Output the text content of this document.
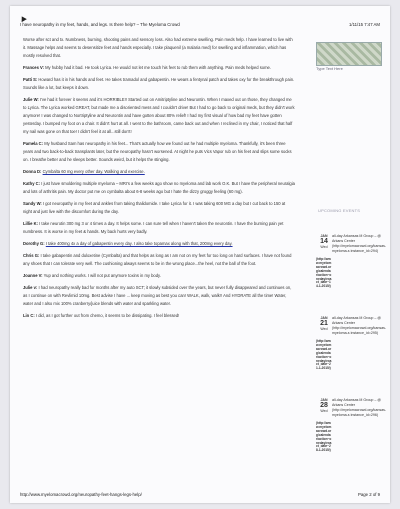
I have neuropathy in my feet, hands, and legs. Is there help? – The Myeloma Crowd	1/11/15 7:47 AM
Type Text Here

Worse after sct and tx. Numbness, burning, shooting pains and sensory loss. Also had extreme swelling. Pain meds help. I have learned to live with it. Massage helps and seems to desensitize feet and hands especially. I take plaquenil (a malaria med) for swelling and inflammation, which has mostly resolved that.

Frances V: My hubby had it bad. He took Lyrica. He would not let me touch his feet to rub them with anything. Pain meds helped some.

Patti S: Howard has it in his hands and feet. He takes tramadol and gabapentin. He wears a fentynal patch and takes oxy for the breakthrough pain. Sounds like a lot, but keeps it down.

Julie W: I've had it forever it seems and it's HORRIBLE!! Started out on Amitriptyline and Neurontin. When I maxed out on those, they changed me to Lyrica. The Lyrica worked GREAT, but made me a disoriented mess and I couldn't drive! But I had to go back to original meds, but they didn't work anymore! I was changed to Nortriptyline and Neurontin and have gotten about 80% relief! I had my first visual of how bad my feet have gotten yesterday. I bumped my foot on a chair. It didn't hurt at all. I went to the bathroom, came back out and when I reclined in my chair, I noticed that half my nail was gone on that toe! I didn't feel it at all...still don't!

Pamela C: My husband Sam has neuropathy in his feet... That's actually how we found out he had multiple myeloma. Thankfully, it's been three years and two back-to-back transplants later, but the neuropathy hasn't worsened. At night he puts Vics Vapor rub on his feet and slips some socks on. I breathe better and he sleeps better. Sounds weird, but it helps the stinging.

Donna D: Cymbalta 60 mg every other day. Walking and exercise.

Kathy C: I just have smoldering multiple myeloma – MRI's a few weeks ago show no myeloma and lab work O.K. But I have the peripheral neuralgia and lots of arthritis pain. My doctor put me on cymbalta about 6-8 weeks ago but I hate the dizzy groggy feeling (60 mg).

Sandy W: I got neuropathy in my feet and ankles from taking thalidomide. I take Lyrica for it. I was taking 600 MG a day but I cut back to 150 at night and just live with the discomfort during the day.

Lillie K: I take neurotin 300 mg 3 or 4 times a day. It helps some. I can sure tell when I haven't taken the neurontin. I have the burning pain yet numbness. It is worse in my feet & hands. My back hurts very badly.

Dorothy G: I take 400mg 4x a day of gabapentin every day. I also take topamax along with that, 200mg every day.

Chris G: I take gabapentin and duloxetine (Cymbalta) and that helps as long as I am not on my feet for too long on hard surfaces. I have not found any shoes that I can tolerate very well. The cushioning always seems to be in the wrong place...the heel, not the ball of the foot.

Joanne V: Yup and nothing works. I will not put anymore toxins in my body.

Julie v: I had neuropathy really bad for months after my auto SCT; it slowly subsided over the years, but never fully disappeared and continues on, as I continue on with Revlimid 10mg. Best advise I have ... keep moving as best you can! WALK, walk, walk!! And HYDRATE all the time! Water, water and I also mix 100% cranberry/juice blends with water and sparkling water.

Lin C: I did, as I got further out from chemo, it seems to be dissipating. I feel blessed!

UPCOMING EVENTS
JAN
14
Wed
all-day Arkansas M Group – @ Arkans Center (http://myelomacrowd.org/kansas-myeloma-s instance_id=294)
(http://www.myelomacrowd.org/calendar/action~oneday/exact_date~14-1-2015/)
JAN
21
Wed
all-day Arkansas M Group – @ Arkans Center (http://myelomacrowd.org/kansas-myeloma-s instance_id=295)
(http://www.myelomacrowd.org/calendar/action~oneday/exact_date~21-1-2015/)
JAN
28
Wed
all-day Arkansas M Group – @ Arkans Center (http://myelomacrowd.org/kansas-myeloma-s instance_id=296)
(http://www.myelomacrowd.org/calendar/action~oneday/exact_date~28-1-2015/)
http://www.myelomacrowd.org/neuropathy-feet-hangs-legs-help/	Page 2 of 9
